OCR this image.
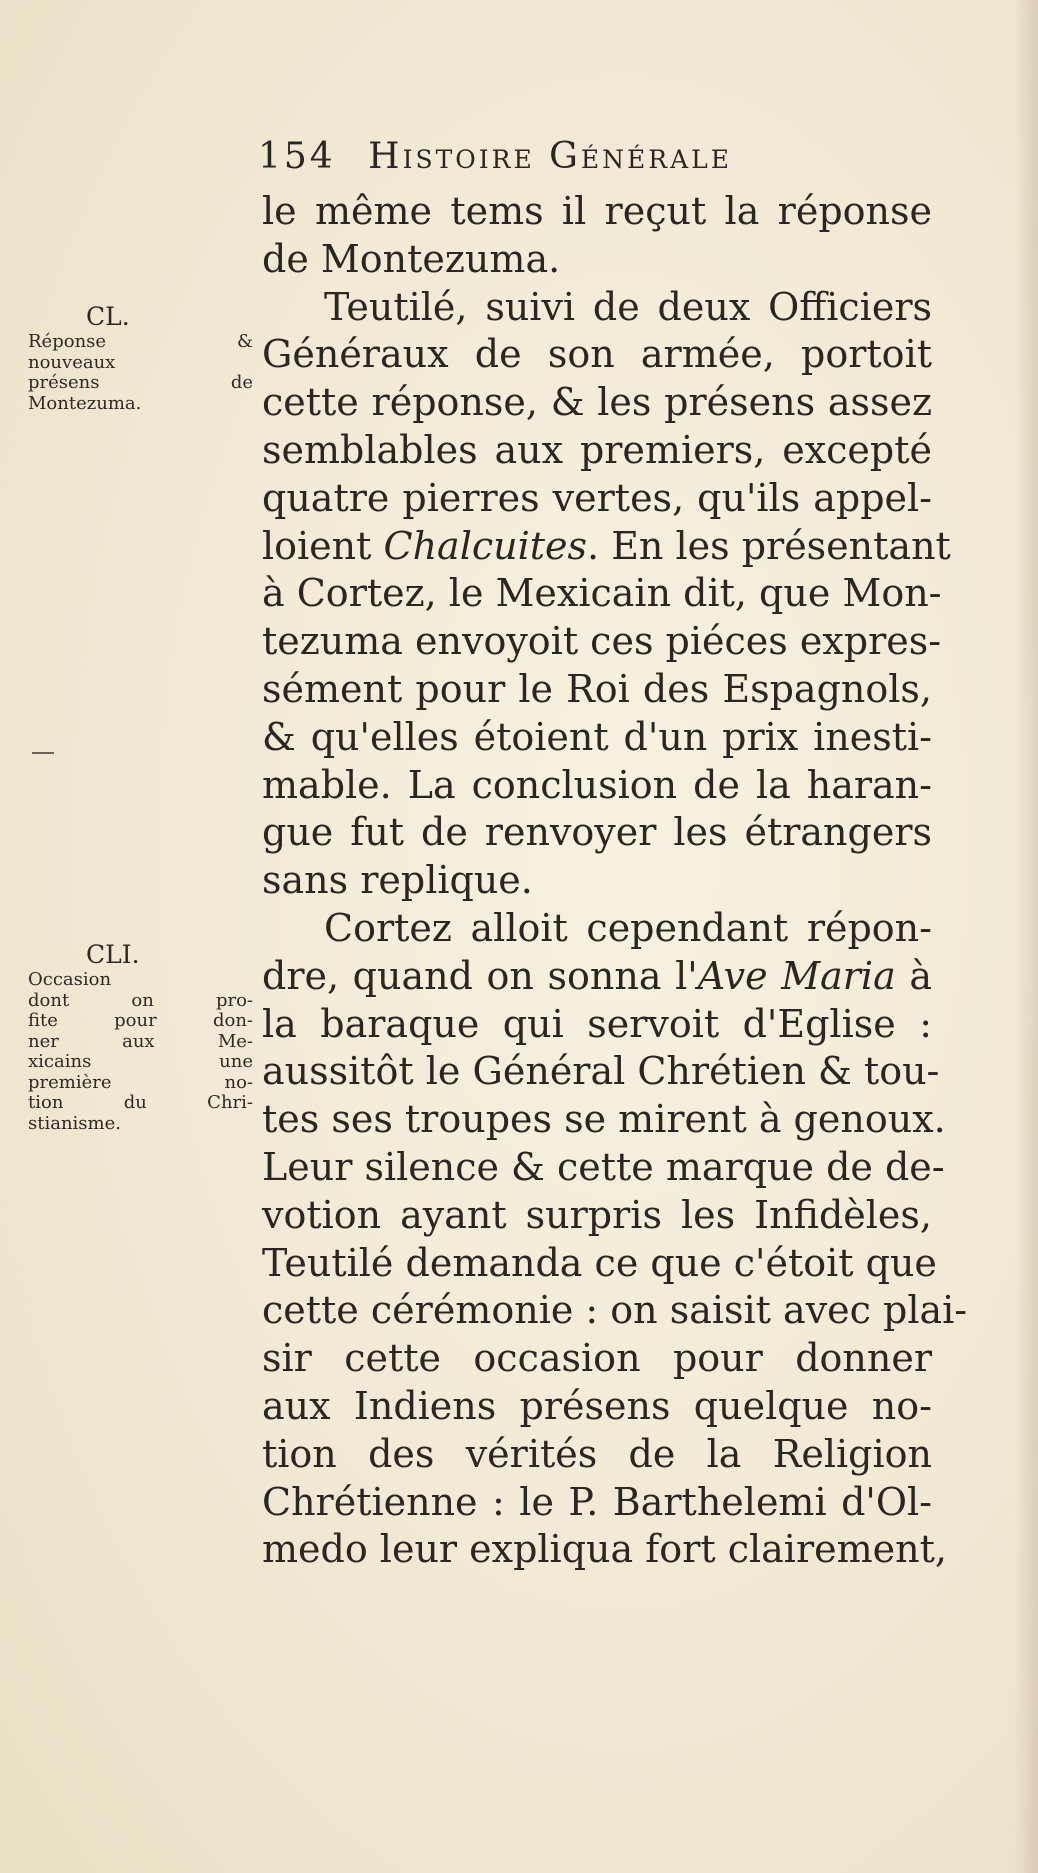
154 Histoire Générale
CL.
Réponse &
nouveaux
présens de
Montezuma.
CLI.
Occasion
dont on pro-
fite pour don-
ner aux Me-
xicains une
première no-
tion du Chri-
stianisme.
le même tems il reçut la réponse
de Montezuma.
Teutilé, suivi de deux Officiers
Généraux de son armée, portoit
cette réponse, & les présens assez
semblables aux premiers, excepté
quatre pierres vertes, qu'ils appel-
loient Chalcuites. En les présentant
à Cortez, le Mexicain dit, que Mon-
tezuma envoyoit ces piéces expres-
sément pour le Roi des Espagnols,
& qu'elles étoient d'un prix inesti-
mable. La conclusion de la haran-
gue fut de renvoyer les étrangers
sans replique.
Cortez alloit cependant répon-
dre, quand on sonna l'Ave Maria à
la baraque qui servoit d'Eglise :
aussitôt le Général Chrétien & tou-
tes ses troupes se mirent à genoux.
Leur silence & cette marque de de-
votion ayant surpris les Infidèles,
Teutilé demanda ce que c'étoit que
cette cérémonie : on saisit avec plai-
sir cette occasion pour donner
aux Indiens présens quelque no-
tion des vérités de la Religion
Chrétienne : le P. Barthelemi d'Ol-
medo leur expliqua fort clairement,
